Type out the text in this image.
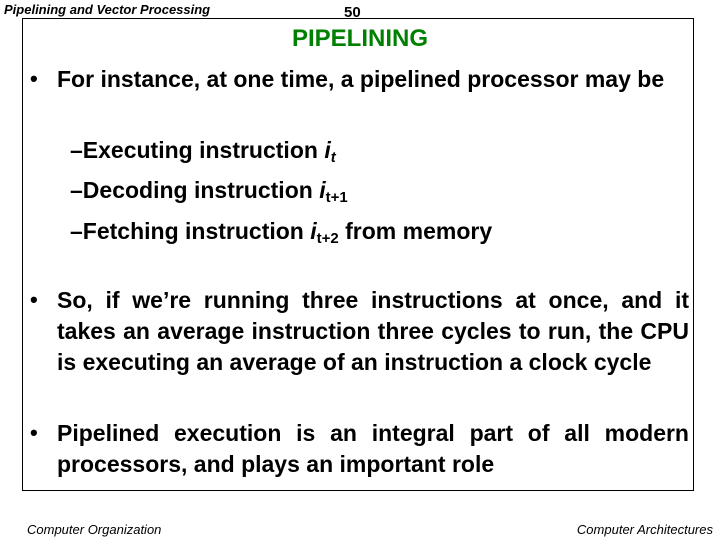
Pipelining and Vector Processing	50
PIPELINING
• For instance, at one time, a pipelined processor may be
–Executing instruction $i_t$
–Decoding instruction $i_{t+1}$
–Fetching instruction $i_{t+2}$ from memory
• So, if we’re running three instructions at once, and it takes an average instruction three cycles to run, the CPU is executing an average of an instruction a clock cycle
• Pipelined execution is an integral part of all modern processors, and plays an important role
Computer Organization	Computer Architectures
